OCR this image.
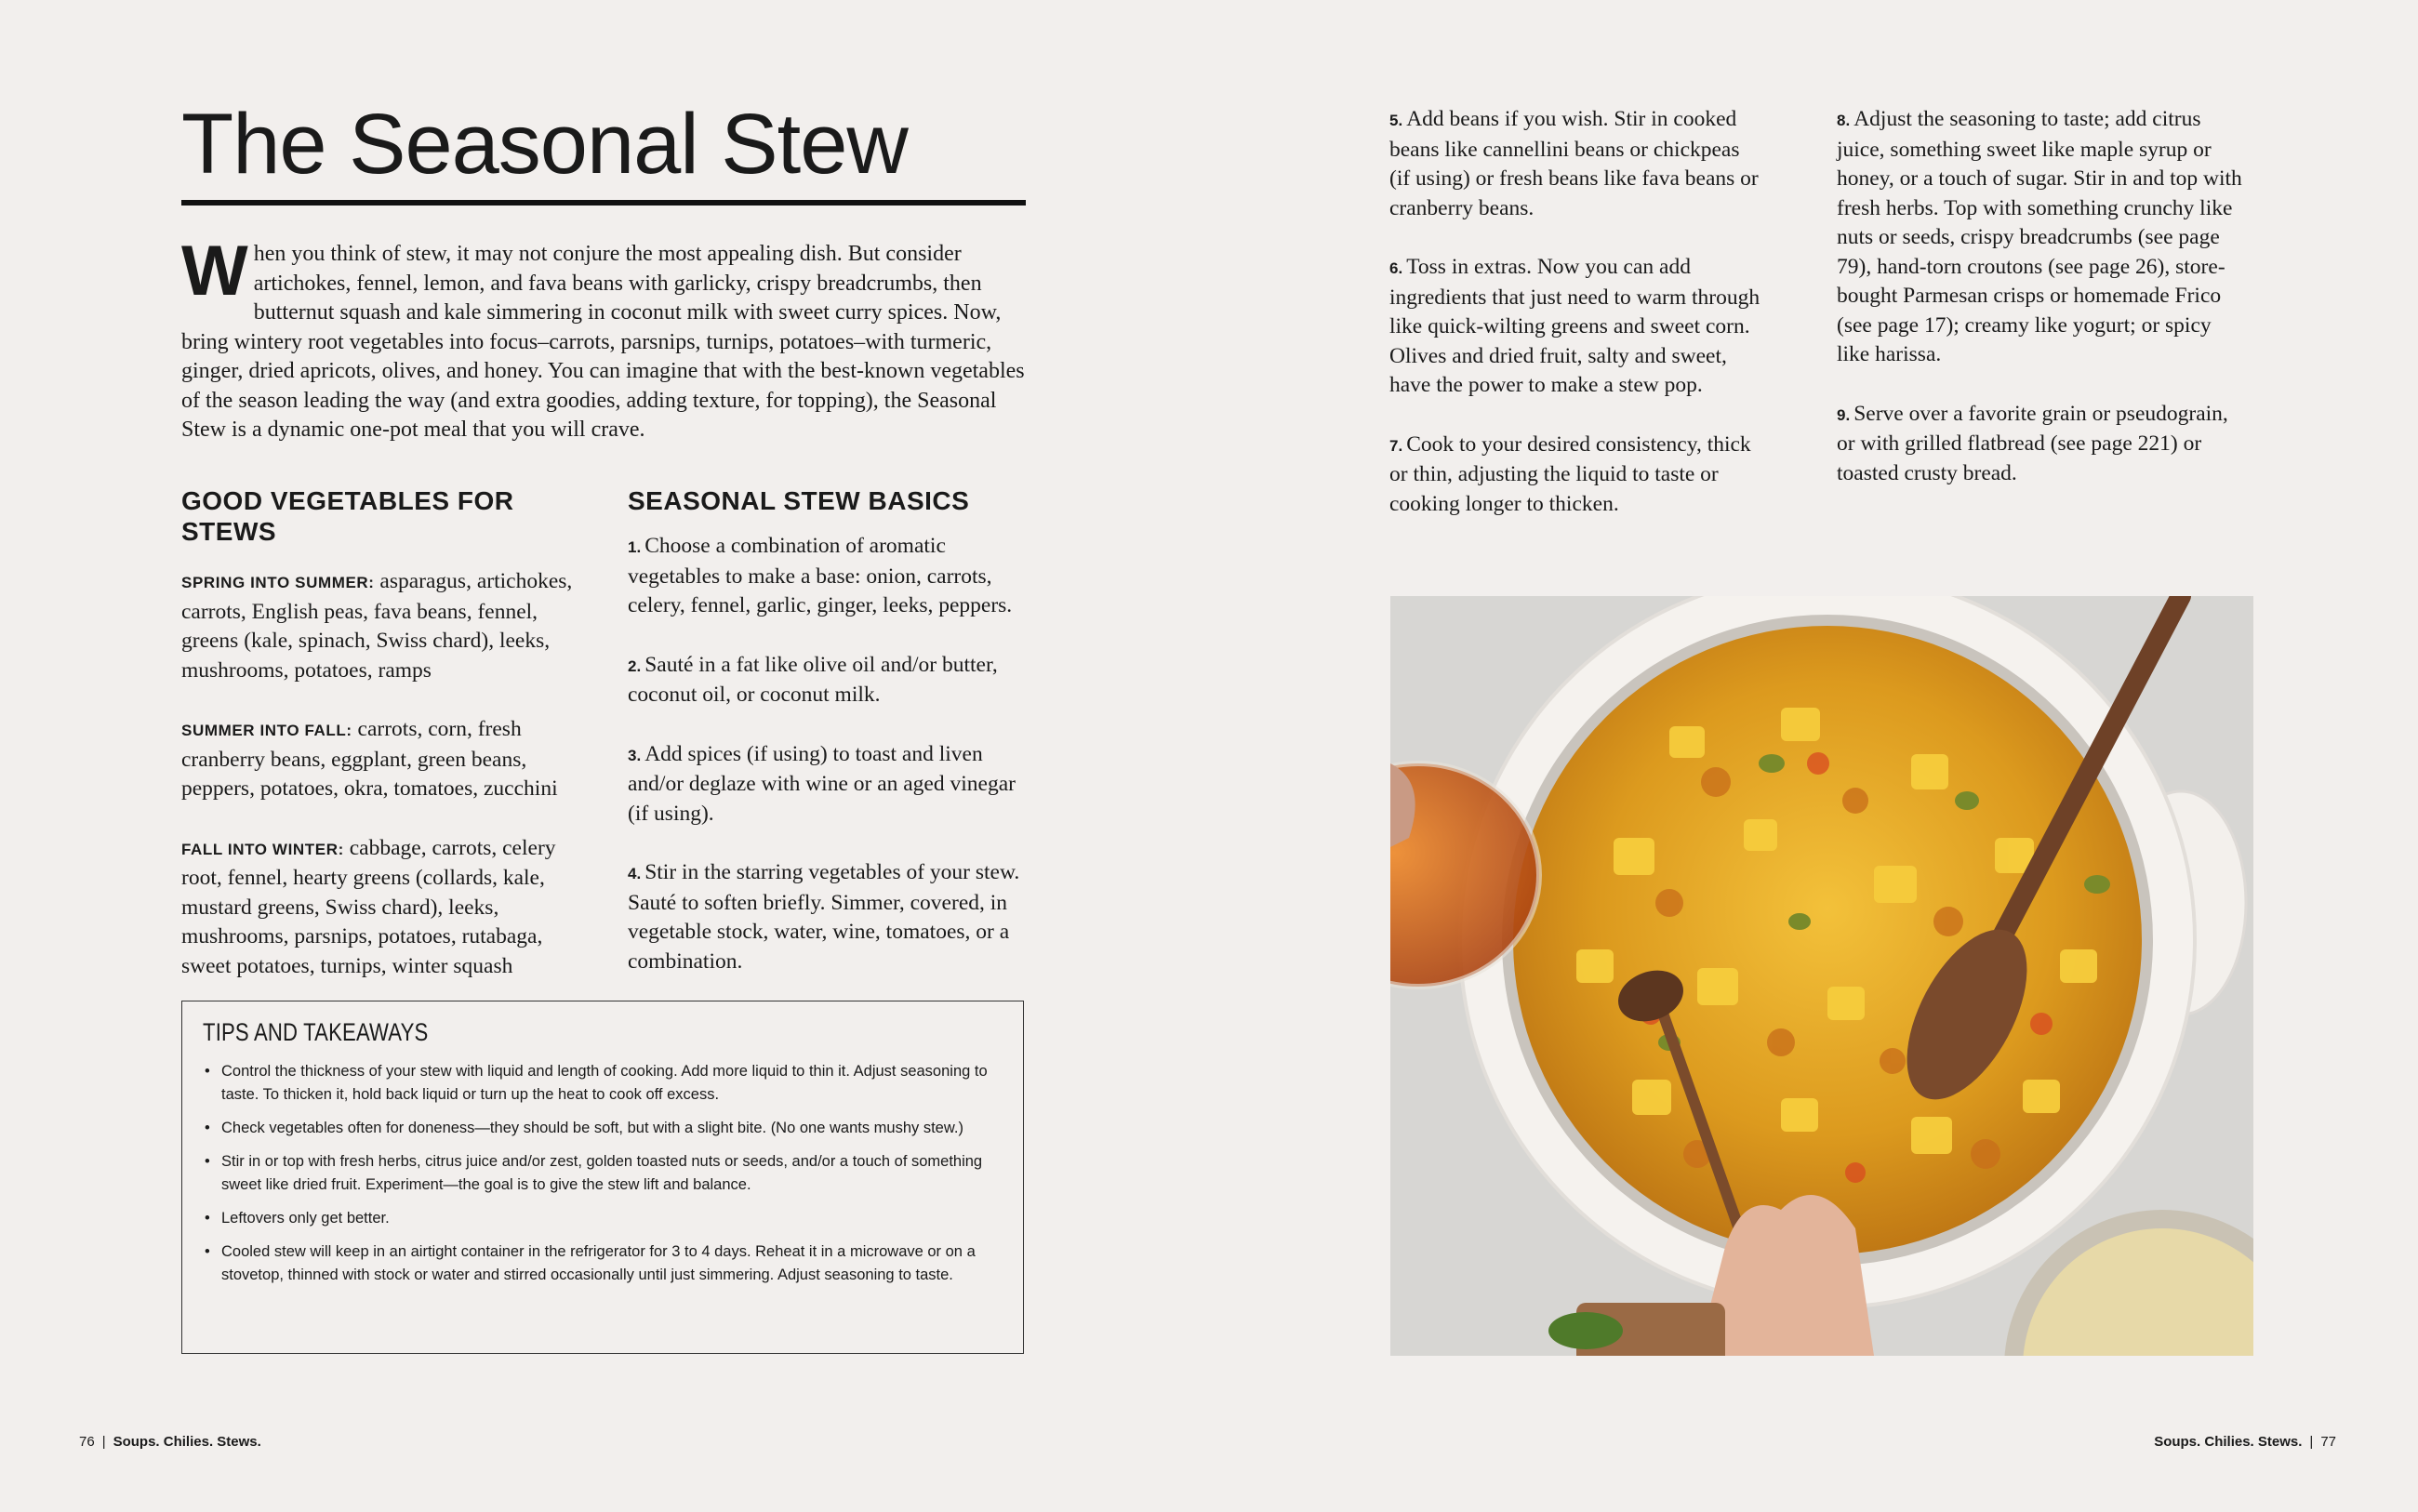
The Seasonal Stew

When you think of stew, it may not conjure the most appealing dish. But consider artichokes, fennel, lemon, and fava beans with garlicky, crispy breadcrumbs, then butternut squash and kale simmering in coconut milk with sweet curry spices. Now, bring wintery root vegetables into focus–carrots, parsnips, turnips, potatoes–with turmeric, ginger, dried apricots, olives, and honey. You can imagine that with the best-known vegetables of the season leading the way (and extra goodies, adding texture, for topping), the Seasonal Stew is a dynamic one-pot meal that you will crave.

GOOD VEGETABLES FOR STEWS

SPRING INTO SUMMER: asparagus, artichokes, carrots, English peas, fava beans, fennel, greens (kale, spinach, Swiss chard), leeks, mushrooms, potatoes, ramps

SUMMER INTO FALL: carrots, corn, fresh cranberry beans, eggplant, green beans, peppers, potatoes, okra, tomatoes, zucchini

FALL INTO WINTER: cabbage, carrots, celery root, fennel, hearty greens (collards, kale, mustard greens, Swiss chard), leeks, mushrooms, parsnips, potatoes, rutabaga, sweet potatoes, turnips, winter squash

SEASONAL STEW BASICS

1. Choose a combination of aromatic vegetables to make a base: onion, carrots, celery, fennel, garlic, ginger, leeks, peppers.

2. Sauté in a fat like olive oil and/or butter, coconut oil, or coconut milk.

3. Add spices (if using) to toast and liven and/or deglaze with wine or an aged vinegar (if using).

4. Stir in the starring vegetables of your stew. Sauté to soften briefly. Simmer, covered, in vegetable stock, water, wine, tomatoes, or a combination.

TIPS AND TAKEAWAYS
• Control the thickness of your stew with liquid and length of cooking. Add more liquid to thin it. Adjust seasoning to taste. To thicken it, hold back liquid or turn up the heat to cook off excess.
• Check vegetables often for doneness—they should be soft, but with a slight bite. (No one wants mushy stew.)
• Stir in or top with fresh herbs, citrus juice and/or zest, golden toasted nuts or seeds, and/or a touch of something sweet like dried fruit. Experiment—the goal is to give the stew lift and balance.
• Leftovers only get better.
• Cooled stew will keep in an airtight container in the refrigerator for 3 to 4 days. Reheat it in a microwave or on a stovetop, thinned with stock or water and stirred occasionally until just simmering. Adjust seasoning to taste.

5. Add beans if you wish. Stir in cooked beans like cannellini beans or chickpeas (if using) or fresh beans like fava beans or cranberry beans.

6. Toss in extras. Now you can add ingredients that just need to warm through like quick-wilting greens and sweet corn. Olives and dried fruit, salty and sweet, have the power to make a stew pop.

7. Cook to your desired consistency, thick or thin, adjusting the liquid to taste or cooking longer to thicken.

8. Adjust the seasoning to taste; add citrus juice, something sweet like maple syrup or honey, or a touch of sugar. Stir in and top with fresh herbs. Top with something crunchy like nuts or seeds, crispy breadcrumbs (see page 79), hand-torn croutons (see page 26), store-bought Parmesan crisps or homemade Frico (see page 17); creamy like yogurt; or spicy like harissa.

9. Serve over a favorite grain or pseudograin, or with grilled flatbread (see page 221) or toasted crusty bread.

76 | Soups. Chilies. Stews.	Soups. Chilies. Stews. | 77
